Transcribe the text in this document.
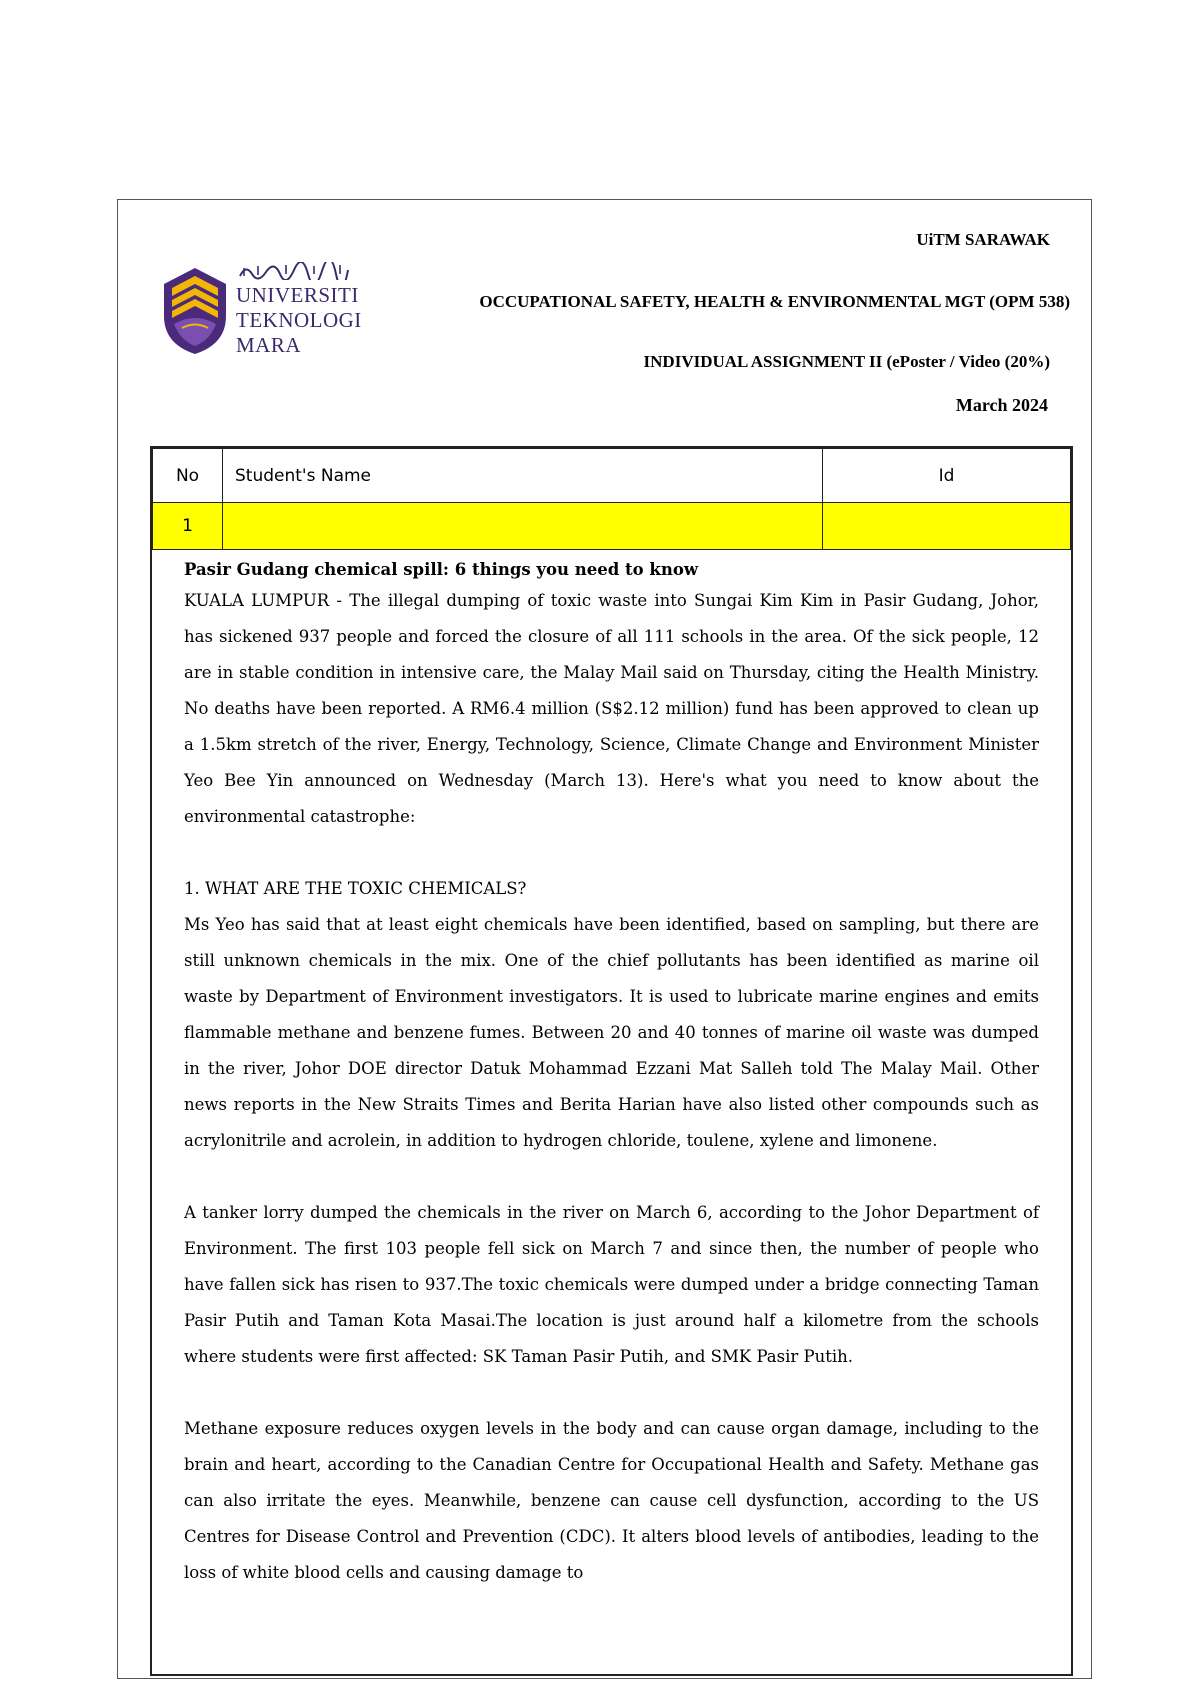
UNIVERSITI
TEKNOLOGI
MARA
UiTM SARAWAK
OCCUPATIONAL SAFETY, HEALTH & ENVIRONMENTAL MGT (OPM 538)
INDIVIDUAL ASSIGNMENT II (ePoster / Video (20%)
March 2024
No	Student's Name	Id
1		

Pasir Gudang chemical spill: 6 things you need to know

KUALA LUMPUR - The illegal dumping of toxic waste into Sungai Kim Kim in Pasir Gudang, Johor, has sickened 937 people and forced the closure of all 111 schools in the area. Of the sick people, 12 are in stable condition in intensive care, the Malay Mail said on Thursday, citing the Health Ministry. No deaths have been reported. A RM6.4 million (S$2.12 million) fund has been approved to clean up a 1.5km stretch of the river, Energy, Technology, Science, Climate Change and Environment Minister Yeo Bee Yin announced on Wednesday (March 13). Here's what you need to know about the environmental catastrophe:

1. WHAT ARE THE TOXIC CHEMICALS?

Ms Yeo has said that at least eight chemicals have been identified, based on sampling, but there are still unknown chemicals in the mix. One of the chief pollutants has been identified as marine oil waste by Department of Environment investigators. It is used to lubricate marine engines and emits flammable methane and benzene fumes. Between 20 and 40 tonnes of marine oil waste was dumped in the river, Johor DOE director Datuk Mohammad Ezzani Mat Salleh told The Malay Mail. Other news reports in the New Straits Times and Berita Harian have also listed other compounds such as acrylonitrile and acrolein, in addition to hydrogen chloride, toulene, xylene and limonene.

A tanker lorry dumped the chemicals in the river on March 6, according to the Johor Department of Environment. The first 103 people fell sick on March 7 and since then, the number of people who have fallen sick has risen to 937.The toxic chemicals were dumped under a bridge connecting Taman Pasir Putih and Taman Kota Masai.The location is just around half a kilometre from the schools where students were first affected: SK Taman Pasir Putih, and SMK Pasir Putih.

Methane exposure reduces oxygen levels in the body and can cause organ damage, including to the brain and heart, according to the Canadian Centre for Occupational Health and Safety. Methane gas can also irritate the eyes. Meanwhile, benzene can cause cell dysfunction, according to the US Centres for Disease Control and Prevention (CDC). It alters blood levels of antibodies, leading to the loss of white blood cells and causing damage to
